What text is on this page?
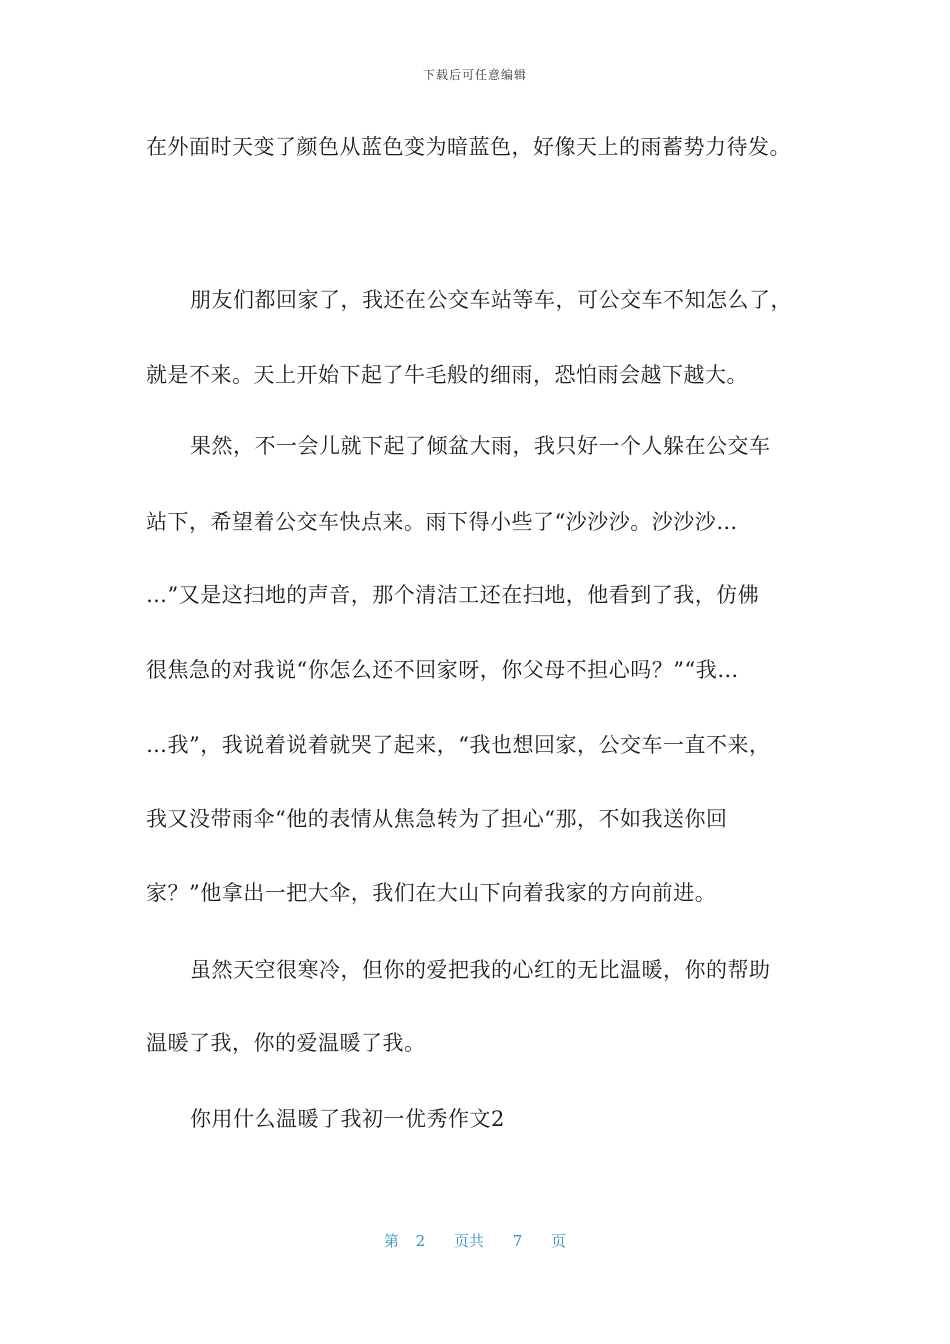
下载后可任意编辑
在外面时天变了颜色从蓝色变为暗蓝色，好像天上的雨蓄势力待发。
朋友们都回家了，我还在公交车站等车，可公交车不知怎么了，
就是不来。天上开始下起了牛毛般的细雨，恐怕雨会越下越大。
果然，不一会儿就下起了倾盆大雨，我只好一个人躲在公交车
站下，希望着公交车快点来。雨下得小些了“沙沙沙。沙沙沙…
…”又是这扫地的声音，那个清洁工还在扫地，他看到了我，仿佛
很焦急的对我说“你怎么还不回家呀，你父母不担心吗？”“我…
…我”，我说着说着就哭了起来，“我也想回家，公交车一直不来，
我又没带雨伞“他的表情从焦急转为了担心“那，不如我送你回
家？”他拿出一把大伞，我们在大山下向着我家的方向前进。
虽然天空很寒冷，但你的爱把我的心红的无比温暖，你的帮助
温暖了我，你的爱温暖了我。
你用什么温暖了我初一优秀作文2
第 2 页共 7 页
